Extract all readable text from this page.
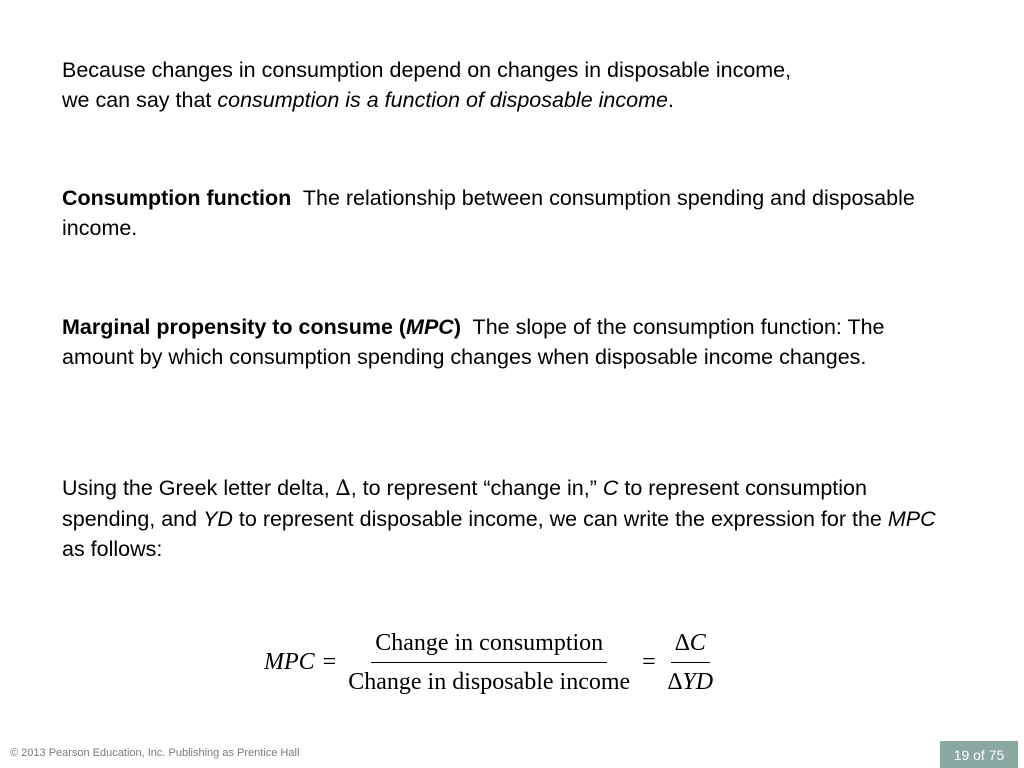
Because changes in consumption depend on changes in disposable income,
we can say that consumption is a function of disposable income.

Consumption function  The relationship between consumption spending and disposable income.

Marginal propensity to consume (MPC)  The slope of the consumption function: The amount by which consumption spending changes when disposable income changes.

Using the Greek letter delta, ∆, to represent “change in,” C to represent consumption spending, and YD to represent disposable income, we can write the expression for the MPC as follows:

MPC = $\frac{\text{Change in consumption}}{\text{Change in disposable income}} = \frac{\Delta C}{\Delta YD}$
© 2013 Pearson Education, Inc. Publishing as Prentice Hall	19 of 75
